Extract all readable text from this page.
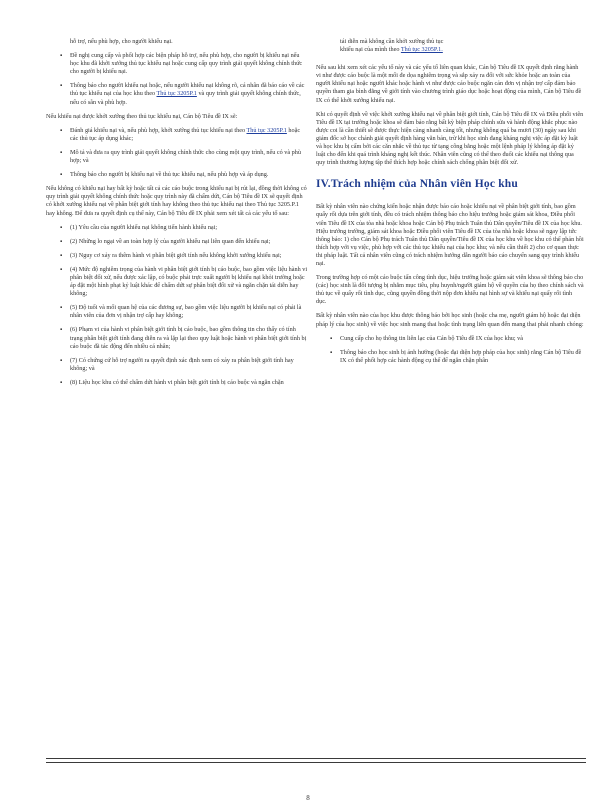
hỗ trợ, nếu phù hợp, cho người khiếu nại.
▪ Đề nghị cung cấp và phối hợp các biện pháp hỗ trợ, nếu phù hợp, cho người bị khiếu nại nếu học khu đã khởi xướng thủ tục khiếu nại hoặc cung cấp quy trình giải quyết không chính thức cho người bị khiếu nại.
▪ Thông báo cho người khiếu nại hoặc, nếu người khiếu nại không rõ, cá nhân đã báo cáo về các thủ tục khiếu nại của học khu theo Thủ tục 3205P.1 và quy trình giải quyết không chính thức, nếu có sẵn và phù hợp.
Nếu khiếu nại được khởi xướng theo thủ tục khiếu nại, Cán bộ Tiêu đề IX sẽ:
▪ Đánh giá khiếu nại và, nếu phù hợp, khởi xướng thủ tục khiếu nại theo Thủ tục 3205P.1 hoặc các thủ tục áp dụng khác;
▪ Mô tả và đưa ra quy trình giải quyết không chính thức cho cùng một quy trình, nếu có và phù hợp; và
▪ Thông báo cho người bị khiếu nại về thủ tục khiếu nại, nếu phù hợp và áp dụng.
Nếu không có khiếu nại hay bất kỳ hoặc tất cả các cáo buộc trong khiếu nại bị rút lại, đồng thời không có quy trình giải quyết không chính thức hoặc quy trình này đã chấm dứt, Cán bộ Tiêu đề IX sẽ quyết định có khởi xướng khiếu nại về phân biệt giới tính hay không theo thủ tục khiếu nại theo Thủ tục 3205.P.1 hay không. Để đưa ra quyết định cụ thể này, Cán bộ Tiêu đề IX phải xem xét tất cả các yếu tố sau:
▪ (1) Yêu cầu của người khiếu nại không tiến hành khiếu nại;
▪ (2) Những lo ngại về an toàn hợp lý của người khiếu nại liên quan đến khiếu nại;
▪ (3) Nguy cơ xảy ra thêm hành vi phân biệt giới tính nếu không khởi xướng khiếu nại;
▪ (4) Mức độ nghiêm trọng của hành vi phân biệt giới tính bị cáo buộc, bao gồm việc liệu hành vi phân biệt đối xử, nếu được xác lập, có buộc phải trực xuất người bị khiếu nại khỏi trường hoặc áp đặt một hình phạt kỷ luật khác để chấm dứt sự phân biệt đối xử và ngăn chặn tái diễn hay không;
▪ (5) Độ tuổi và mối quan hệ của các đương sự, bao gồm việc liệu người bị khiếu nại có phải là nhân viên của đơn vị nhận trợ cấp hay không;
▪ (6) Phạm vi của hành vi phân biệt giới tính bị cáo buộc, bao gồm thông tin cho thấy có tính trạng phân biệt giới tính đang diễn ra và lặp lại theo quy luật hoặc hành vi phân biệt giới tính bị cáo buộc đã tác động đến nhiều cá nhân;
▪ (7) Có chứng cứ hỗ trợ người ra quyết định xác định xem có xảy ra phân biệt giới tính hay không; và
▪ (8) Liệu học khu có thể chấm dứt hành vi phân biệt giới tính bị cáo buộc và ngăn chặn
tái diễn mà không cần khởi xướng thủ tục
khiếu nại của mình theo Thủ tục 3205P.1.
Nếu sau khi xem xét các yếu tố này và các yếu tố liên quan khác, Cán bộ Tiêu đề IX quyết định rằng hành vi như được cáo buộc là một mối đe dọa nghiêm trọng và sắp xảy ra đối với sức khỏe hoặc an toàn của người khiếu nại hoặc người khác hoặc hành vi như được cáo buộc ngăn cản đơn vị nhận trợ cấp đảm bảo quyền tham gia bình đẳng về giới tính vào chương trình giáo dục hoặc hoạt động của mình, Cán bộ Tiêu đề IX có thể khởi xướng khiếu nại.
Khi có quyết định về việc khởi xướng khiếu nại về phân biệt giới tính, Cán bộ Tiêu đề IX và Điều phối viên Tiêu đề IX tại trường hoặc khoa sẽ đảm bảo rằng bất kỳ biện pháp chính sửa và hành động khắc phục nào được coi là cần thiết sẽ được thực hiện càng nhanh càng tốt, nhưng không quá ba mươi (30) ngày sau khi giám đốc sở học chánh giải quyết định hàng văn bản, trừ khi học sinh đang kháng nghị việc áp đặt kỷ luật và học khu bị cấm bởi các căn nhắc về thủ tục từ tạng công bằng hoặc một lệnh pháp lý không áp đặt kỷ luật cho đến khi quá trình kháng nghị kết thúc. Nhân viên cũng có thể theo đuổi các khiếu nại thông qua quy trình thương lượng tập thể thích hợp hoặc chính sách chống phân biệt đối xử.
IV.Trách nhiệm của Nhân viên Học khu
Bất kỳ nhân viên nào chứng kiến hoặc nhận được báo cáo hoặc khiếu nại về phân biệt giới tính, bao gồm quấy rối dựa trên giới tính, đều có trách nhiệm thông báo cho hiệu trưởng hoặc giám sát khoa, Điều phối viên Tiêu đề IX của tòa nhà hoặc khoa hoặc Cán bộ Phụ trách Tuân thủ Dân quyền/Tiêu đề IX của học khu. Hiệu trưởng trường, giám sát khoa hoặc Điều phối viên Tiêu đề IX của tòa nhà hoặc khoa sẽ ngay lập tức thông báo: 1) cho Cán bộ Phụ trách Tuân thủ Dân quyền/Tiêu đề IX của học khu về học khu có thể phản hồi thích hợp với vụ việc, phù hợp với các thủ tục khiếu nại của học khu; và nếu cần thiết 2) cho cơ quan thực thi pháp luật. Tất cả nhân viên cũng có trách nhiệm hướng dẫn người báo cáo chuyển sang quy trình khiếu nại.
Trong trường hợp có một cáo buộc tấn công tình dục, hiệu trưởng hoặc giám sát viên khoa sẽ thông báo cho (các) học sinh là đối tượng bị nhắm mục tiêu, phụ huynh/người giám hộ về quyền của họ theo chính sách và thủ tục về quấy rối tình dục, cũng quyền đồng thời nộp đơn khiếu nại hình sự và khiếu nại quấy rối tình dục.
Bất kỳ nhân viên nào của học khu được thông báo bởi học sinh (hoặc cha mẹ, người giám hộ hoặc đại diện pháp lý của học sinh) về việc học sinh mang thai hoặc tình trạng liên quan đến mang thai phải nhanh chóng:
▪ Cung cấp cho họ thông tin liên lạc của Cán bộ Tiêu đề IX của học khu; và
▪ Thông báo cho học sinh bị ảnh hưởng (hoặc đại diện hợp pháp của học sinh) rằng Cán bộ Tiêu đề IX có thể phối hợp các hành động cụ thể để ngăn chặn phân
8
